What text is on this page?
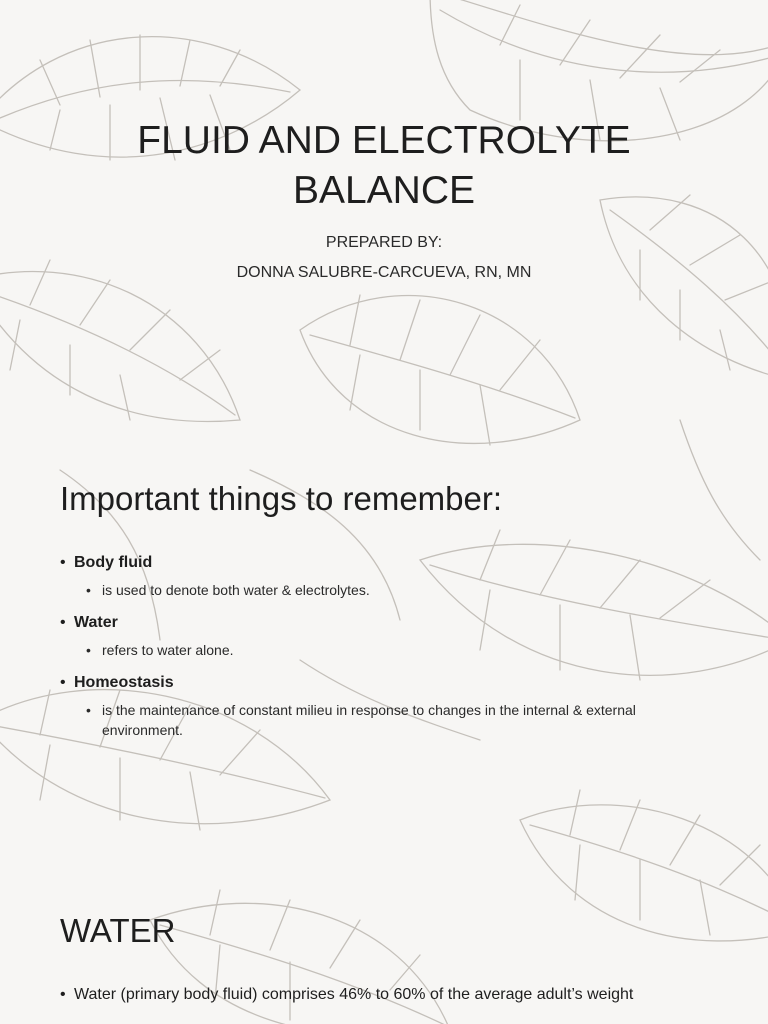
FLUID AND ELECTROLYTE BALANCE

PREPARED BY:

DONNA SALUBRE-CARCUEVA, RN, MN

Important things to remember:
• Body fluid
• is used to denote both water & electrolytes.
• Water
• refers to water alone.
• Homeostasis
• is the maintenance of constant milieu in response to changes in the internal & external environment.
WATER
• Water (primary body fluid) comprises 46% to 60% of the average adult’s weight
